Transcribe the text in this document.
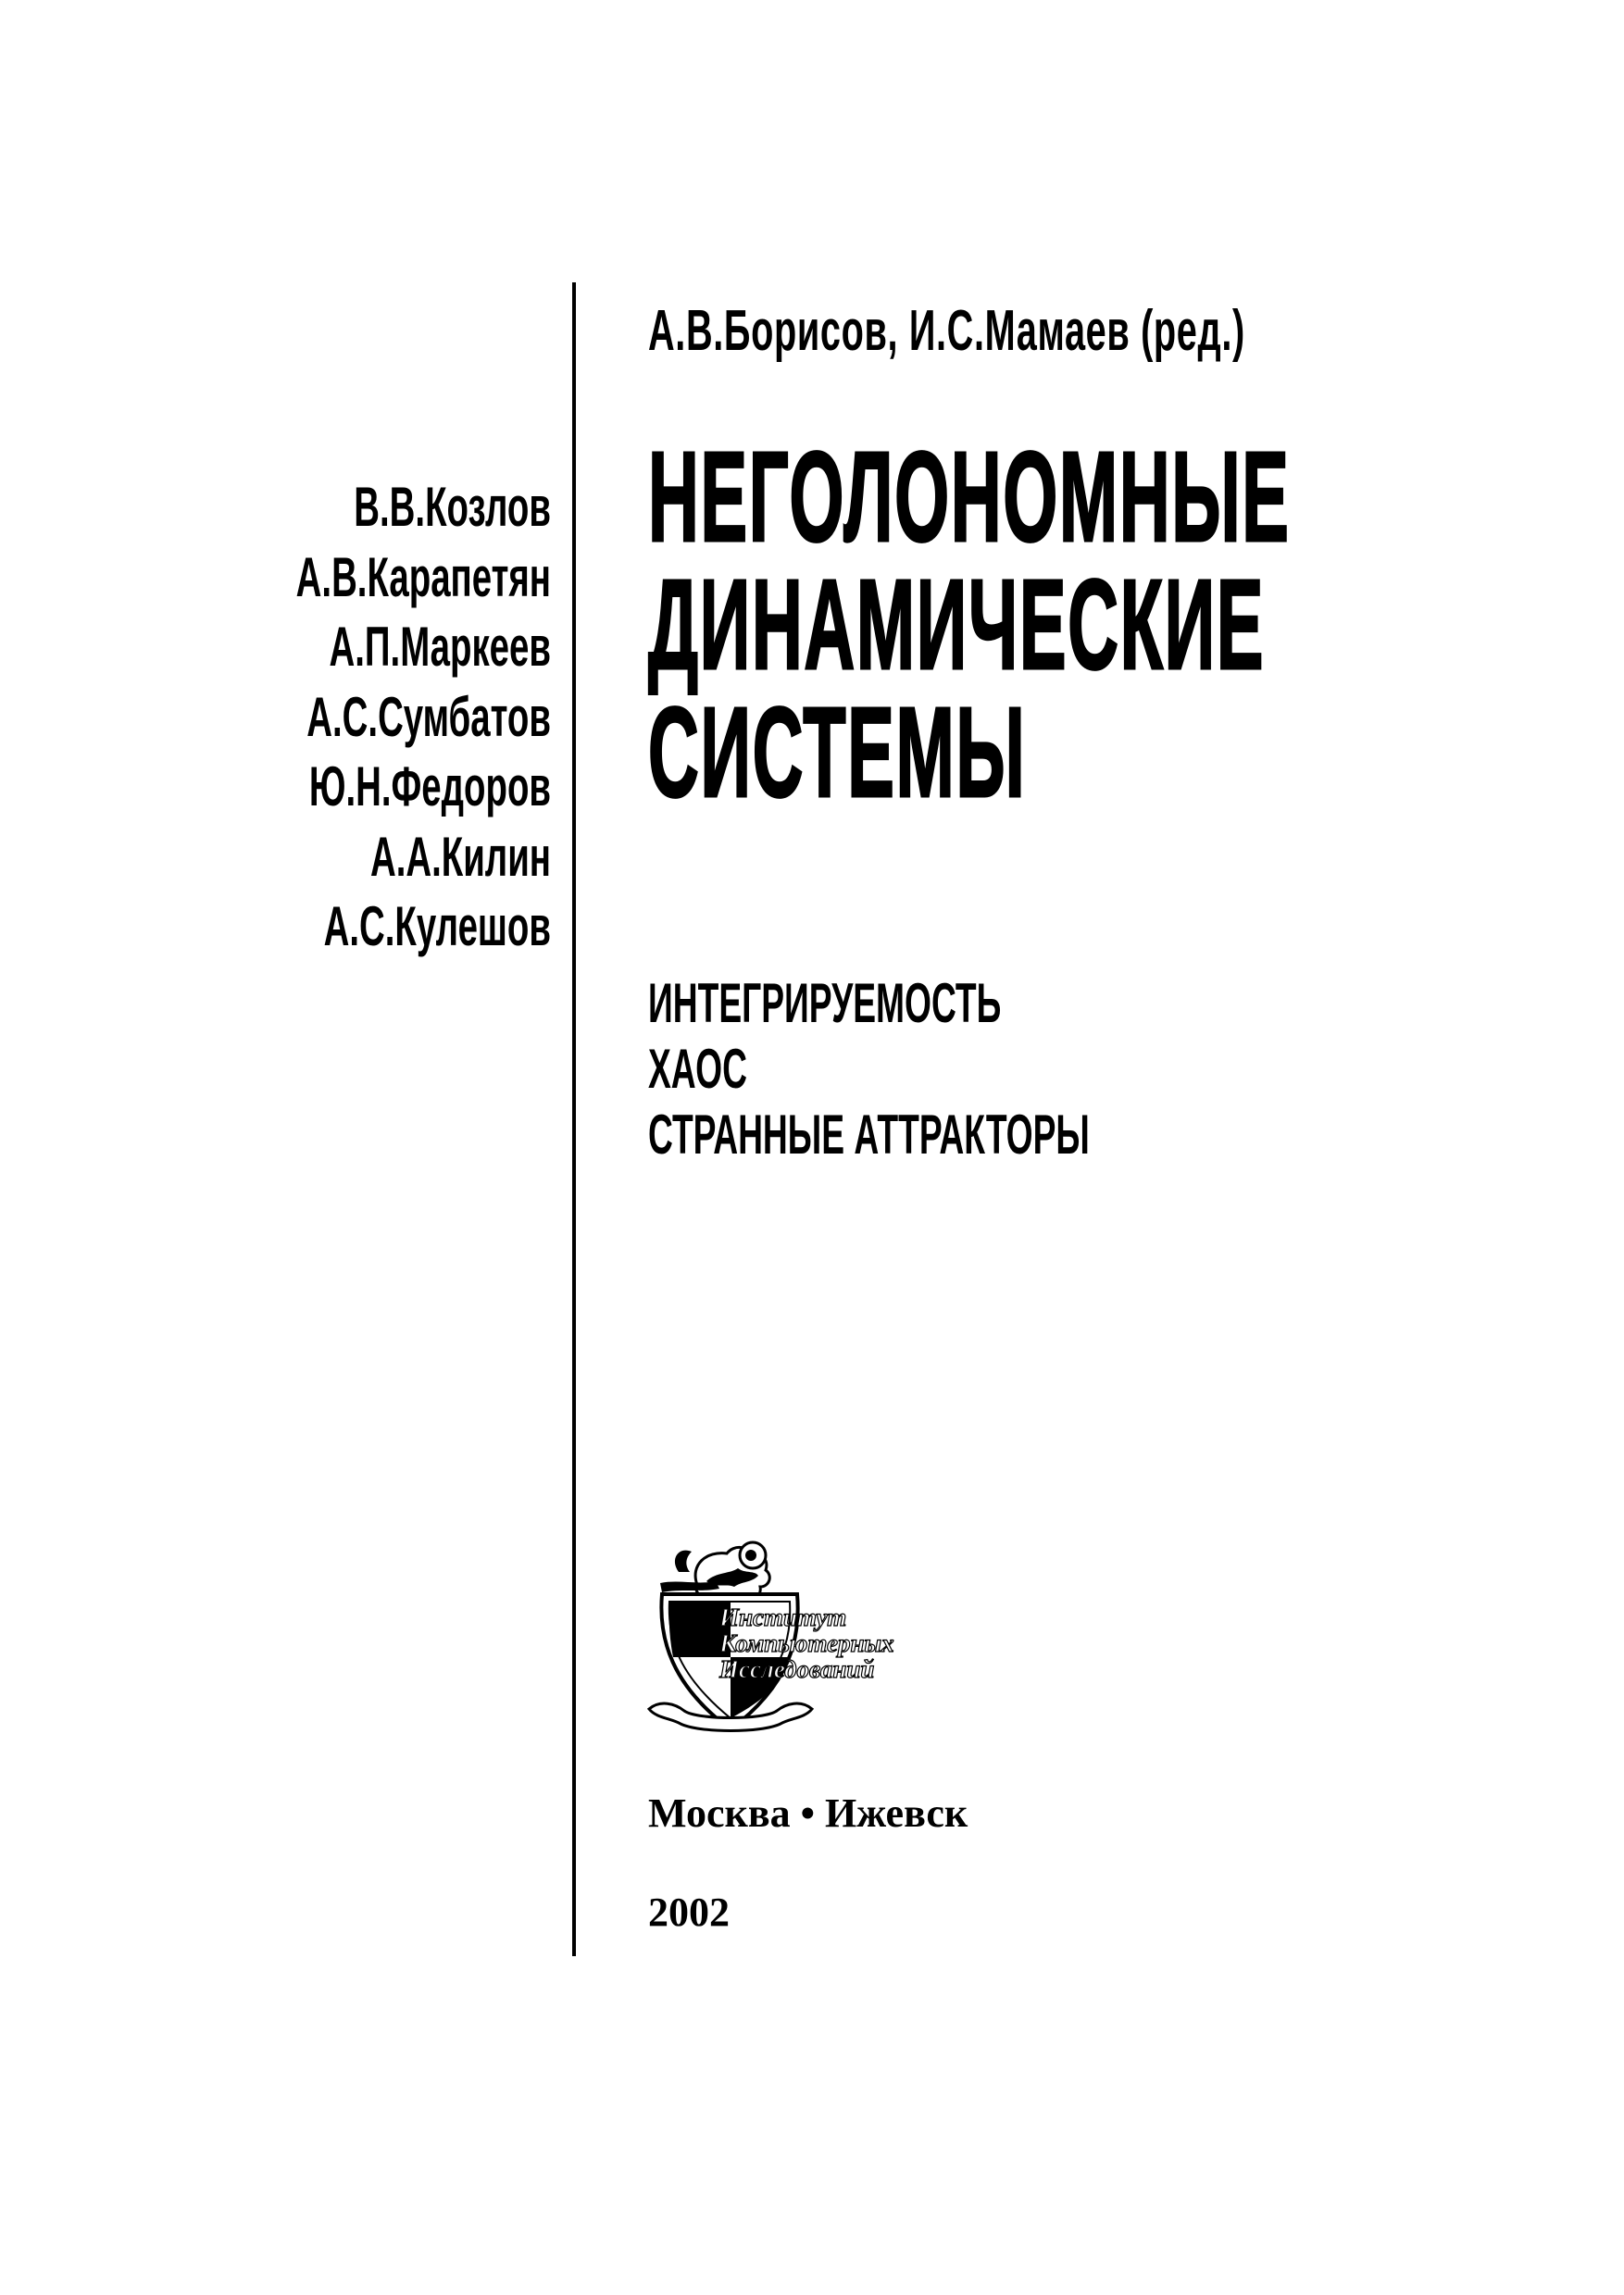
А.В.Борисов, И.С.Мамаев (ред.)
В.В.Козлов
А.В.Карапетян
А.П.Маркеев
А.С.Сумбатов
Ю.Н.Федоров
А.А.Килин
А.С.Кулешов
НЕГОЛОНОМНЫЕ
ДИНАМИЧЕСКИЕ
СИСТЕМЫ
ИНТЕГРИРУЕМОСТЬ
ХАОС
СТРАННЫЕ АТТРАКТОРЫ
Институт
Компьютерных
Исследований
Москва • Ижевск
2002
